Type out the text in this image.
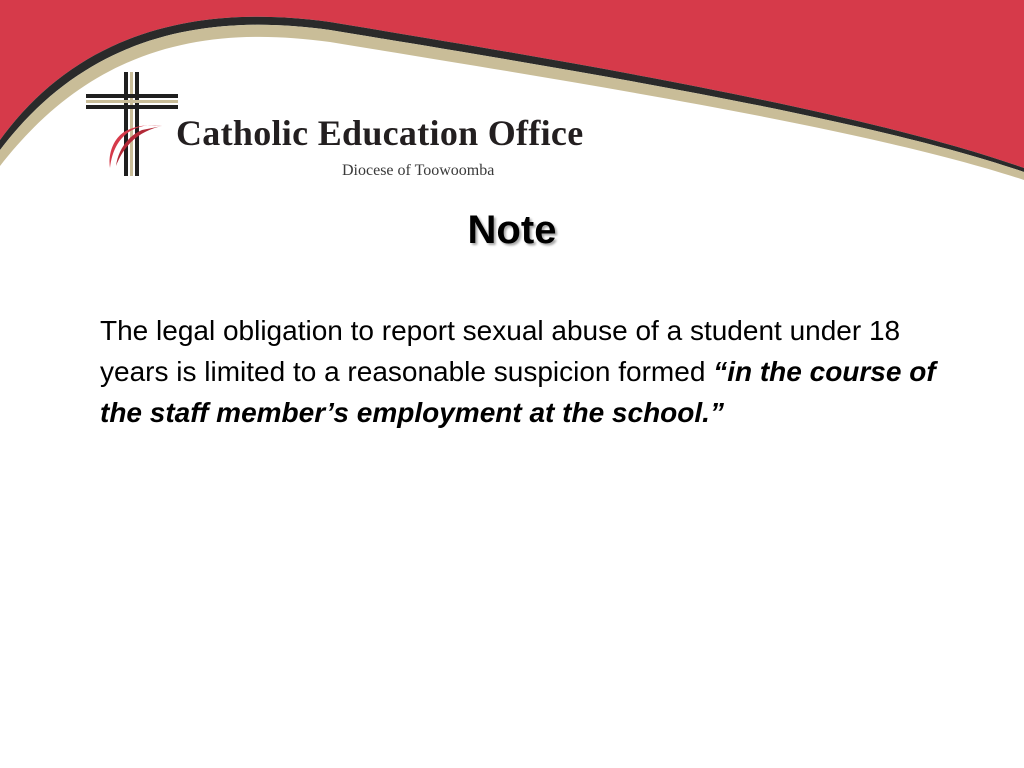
Catholic Education Office
Diocese of Toowoomba
Note

The legal obligation to report sexual abuse of a student under 18 years is limited to a reasonable suspicion formed “in the course of the staff member’s employment at the school.”
